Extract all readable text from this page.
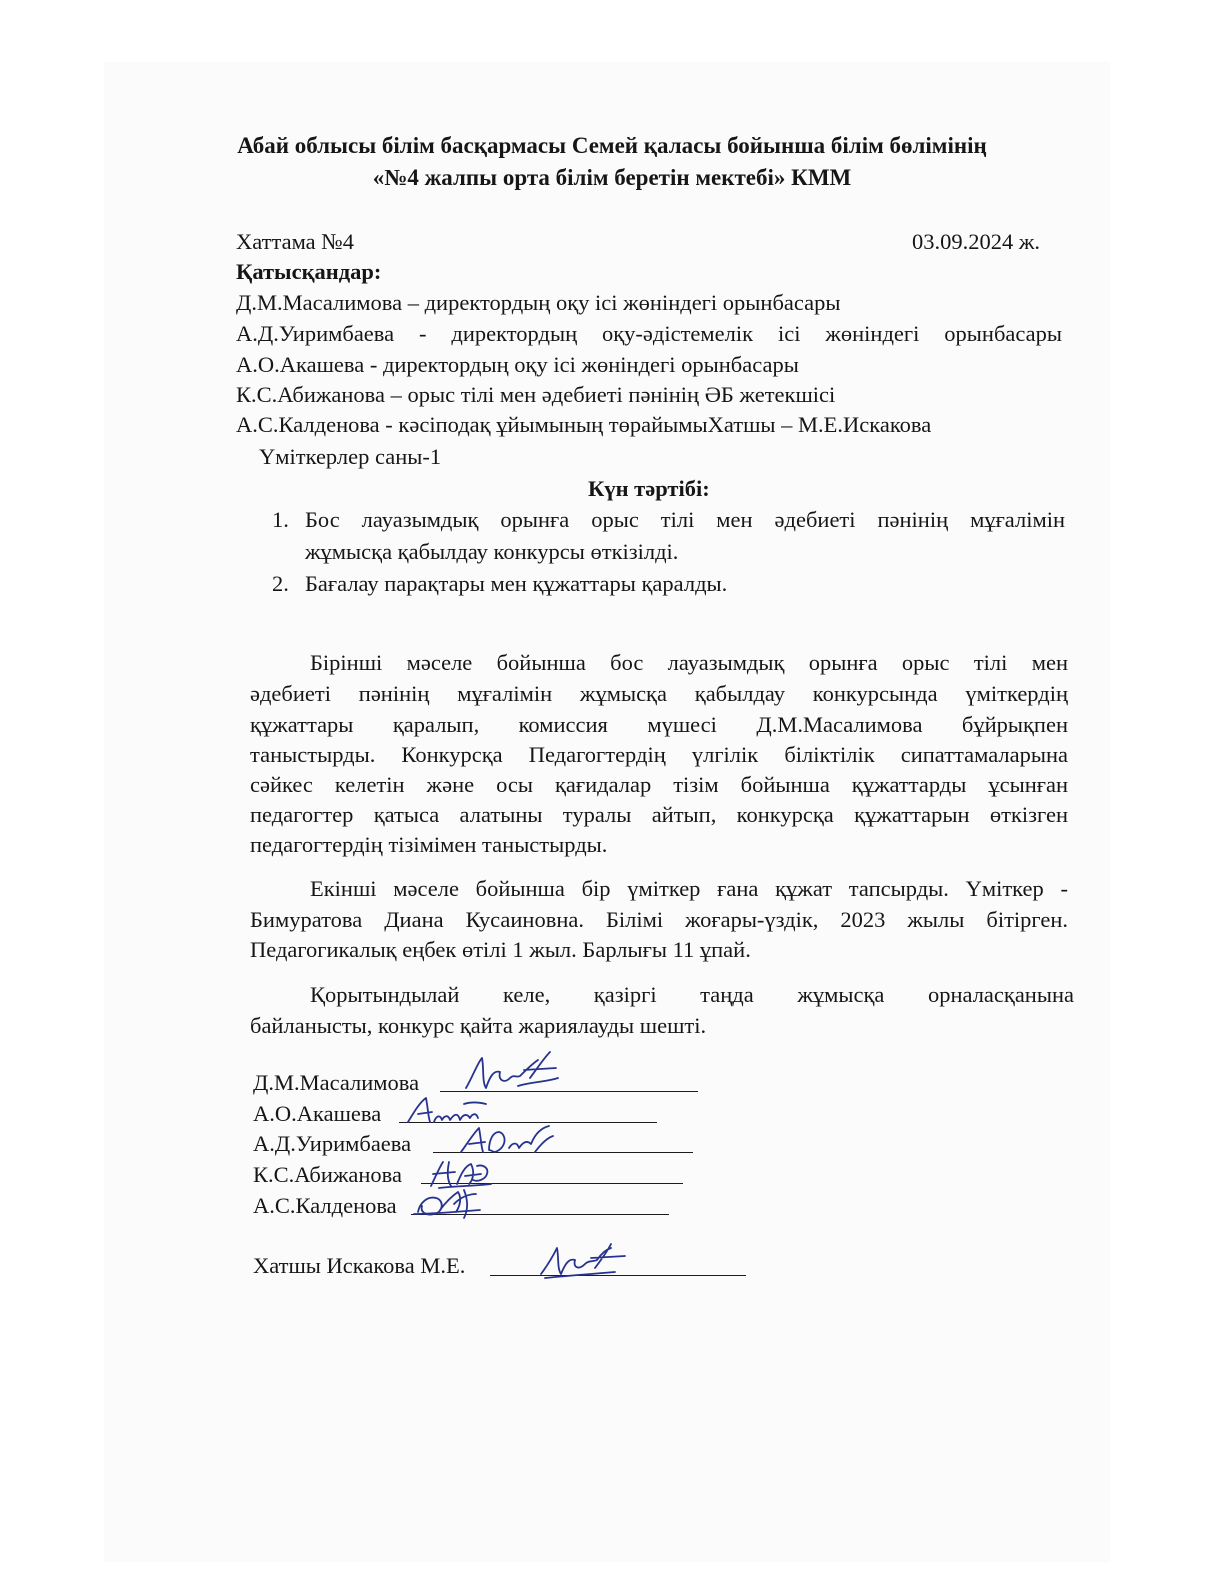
Абай облысы білім басқармасы Семей қаласы бойынша білім бөлімінің
«№4 жалпы орта білім беретін мектебі» КММ
Хаттама №4	03.09.2024 ж.
Қатысқандар:
Д.М.Масалимова – директордың оқу ісі жөніндегі орынбасары
А.Д.Уиримбаева - директордың оқу-әдістемелік ісі жөніндегі орынбасары
А.О.Акашева - директордың оқу ісі жөніндегі орынбасары
К.С.Абижанова – орыс тілі мен әдебиеті пәнінің ӘБ жетекшісі
А.С.Калденова - кәсіподақ ұйымының төрайымыХатшы – М.Е.Искакова
Үміткерлер саны-1
Күн тәртібі:
1. Бос лауазымдық орынға орыс тілі мен әдебиеті пәнінің мұғалімін
жұмысқа қабылдау конкурсы өткізілді.
2. Бағалау парақтары мен құжаттары қаралды.
Бірінші мәселе бойынша бос лауазымдық орынға орыс тілі мен
әдебиеті пәнінің мұғалімін жұмысқа қабылдау конкурсында үміткердің
құжаттары қаралып, комиссия мүшесі Д.М.Масалимова бұйрықпен
таныстырды. Конкурсқа Педагогтердің үлгілік біліктілік сипаттамаларына
сәйкес келетін және осы қағидалар тізім бойынша құжаттарды ұсынған
педагогтер қатыса алатыны туралы айтып, конкурсқа құжаттарын өткізген
педагогтердің тізімімен таныстырды.
Екінші мәселе бойынша бір үміткер ғана құжат тапсырды. Үміткер -
Бимуратова Диана Кусаиновна. Білімі жоғары-үздік, 2023 жылы бітірген.
Педагогикалық еңбек өтілі 1 жыл. Барлығы 11 ұпай.
Қорытындылай келе, қазіргі таңда жұмысқа орналасқанына
байланысты, конкурс қайта жариялауды шешті.
Д.М.Масалимова
А.О.Акашева
А.Д.Уиримбаева
К.С.Абижанова
А.С.Калденова
Хатшы Искакова М.Е.
